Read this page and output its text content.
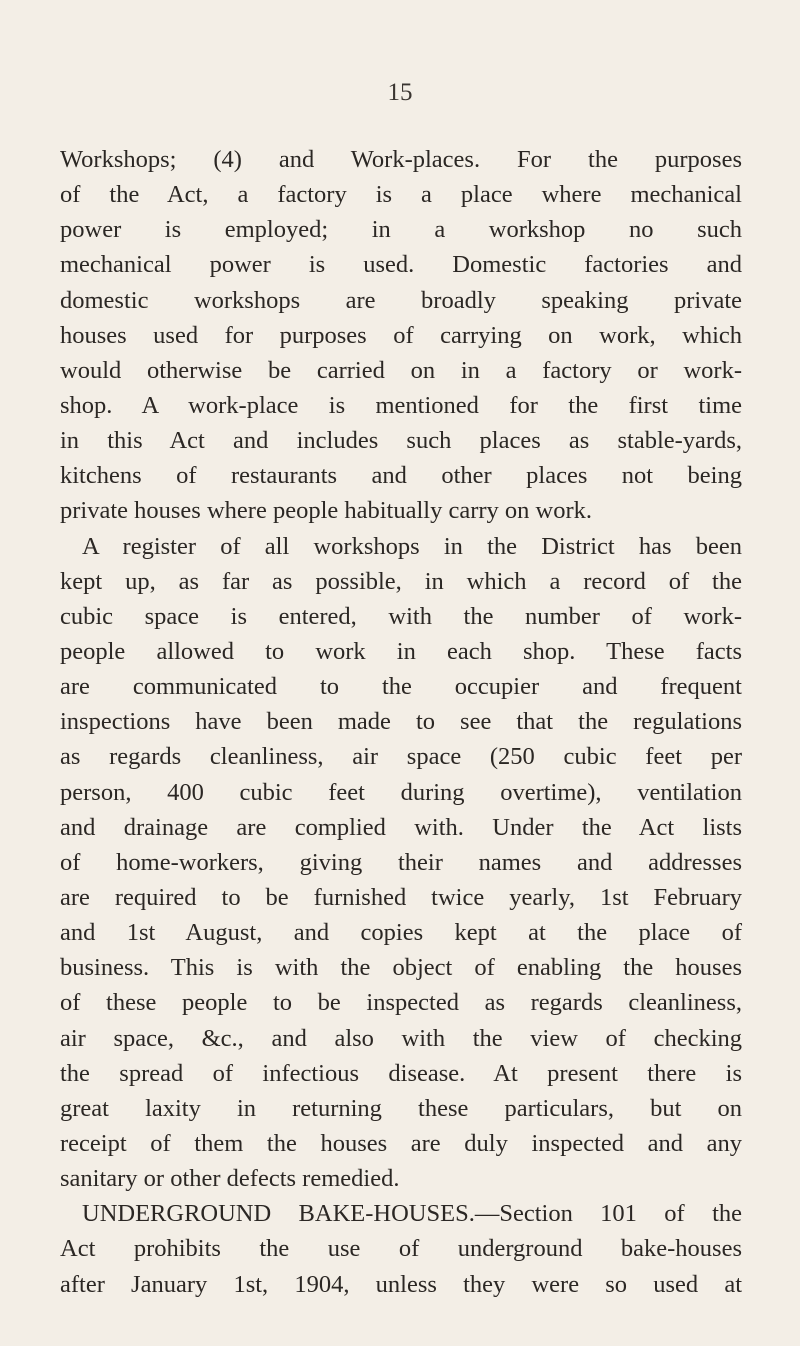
15
Workshops; (4) and Work-places. For the purposes
of the Act, a factory is a place where mechanical
power is employed; in a workshop no such
mechanical power is used. Domestic factories and
domestic workshops are broadly speaking private
houses used for purposes of carrying on work, which
would otherwise be carried on in a factory or work-
shop. A work-place is mentioned for the first time
in this Act and includes such places as stable-yards,
kitchens of restaurants and other places not being
private houses where people habitually carry on work.
A register of all workshops in the District has been
kept up, as far as possible, in which a record of the
cubic space is entered, with the number of work-
people allowed to work in each shop. These facts
are communicated to the occupier and frequent
inspections have been made to see that the regulations
as regards cleanliness, air space (250 cubic feet per
person, 400 cubic feet during overtime), ventilation
and drainage are complied with. Under the Act lists
of home-workers, giving their names and addresses
are required to be furnished twice yearly, 1st February
and 1st August, and copies kept at the place of
business. This is with the object of enabling the houses
of these people to be inspected as regards cleanliness,
air space, &c., and also with the view of checking
the spread of infectious disease. At present there is
great laxity in returning these particulars, but on
receipt of them the houses are duly inspected and any
sanitary or other defects remedied.
UNDERGROUND BAKE-HOUSES.—Section 101 of the
Act prohibits the use of underground bake-houses
after January 1st, 1904, unless they were so used at
